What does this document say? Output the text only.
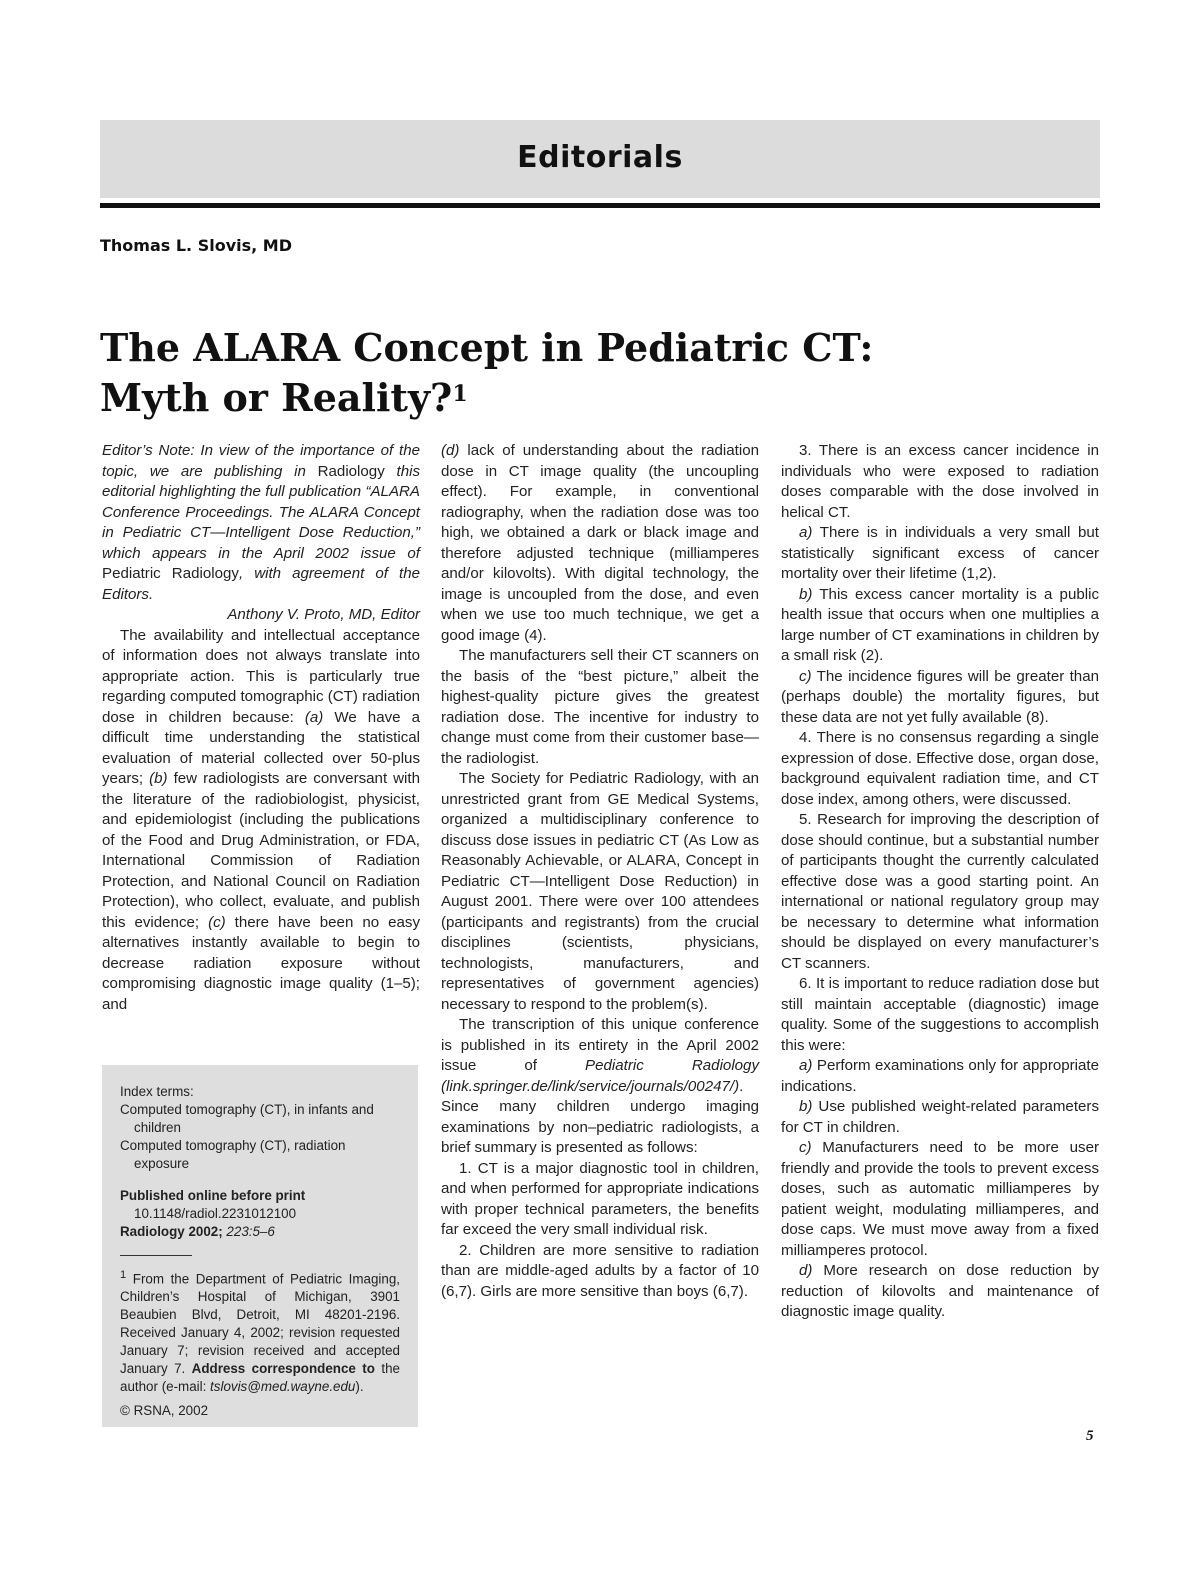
Editorials
Thomas L. Slovis, MD
The ALARA Concept in Pediatric CT:
Myth or Reality?$^1$

Editor’s Note: In view of the importance of the topic, we are publishing in Radiology this editorial highlighting the full publication “ALARA Conference Proceedings. The ALARA Concept in Pediatric CT—Intelligent Dose Reduction,” which appears in the April 2002 issue of Pediatric Radiology, with agreement of the Editors.

Anthony V. Proto, MD, Editor

The availability and intellectual acceptance of information does not always translate into appropriate action. This is particularly true regarding computed tomographic (CT) radiation dose in children because: (a) We have a difficult time understanding the statistical evaluation of material collected over 50-plus years; (b) few radiologists are conversant with the literature of the radiobiologist, physicist, and epidemiologist (including the publications of the Food and Drug Administration, or FDA, International Commission of Radiation Protection, and National Council on Radiation Protection), who collect, evaluate, and publish this evidence; (c) there have been no easy alternatives instantly available to begin to decrease radiation exposure without compromising diagnostic image quality (1–5); and

(d) lack of understanding about the radiation dose in CT image quality (the uncoupling effect). For example, in conventional radiography, when the radiation dose was too high, we obtained a dark or black image and therefore adjusted technique (milliamperes and/or kilovolts). With digital technology, the image is uncoupled from the dose, and even when we use too much technique, we get a good image (4).

The manufacturers sell their CT scanners on the basis of the “best picture,” albeit the highest-quality picture gives the greatest radiation dose. The incentive for industry to change must come from their customer base—the radiologist.

The Society for Pediatric Radiology, with an unrestricted grant from GE Medical Systems, organized a multidisciplinary conference to discuss dose issues in pediatric CT (As Low as Reasonably Achievable, or ALARA, Concept in Pediatric CT—Intelligent Dose Reduction) in August 2001. There were over 100 attendees (participants and registrants) from the crucial disciplines (scientists, physicians, technologists, manufacturers, and representatives of government agencies) necessary to respond to the problem(s).

The transcription of this unique conference is published in its entirety in the April 2002 issue of Pediatric Radiology (link.springer.de/link/service/journals/00247/). Since many children undergo imaging examinations by non–pediatric radiologists, a brief summary is presented as follows:

1. CT is a major diagnostic tool in children, and when performed for appropriate indications with proper technical parameters, the benefits far exceed the very small individual risk.

2. Children are more sensitive to radiation than are middle-aged adults by a factor of 10 (6,7). Girls are more sensitive than boys (6,7).

3. There is an excess cancer incidence in individuals who were exposed to radiation doses comparable with the dose involved in helical CT.

a) There is in individuals a very small but statistically significant excess of cancer mortality over their lifetime (1,2).

b) This excess cancer mortality is a public health issue that occurs when one multiplies a large number of CT examinations in children by a small risk (2).

c) The incidence figures will be greater than (perhaps double) the mortality figures, but these data are not yet fully available (8).

4. There is no consensus regarding a single expression of dose. Effective dose, organ dose, background equivalent radiation time, and CT dose index, among others, were discussed.

5. Research for improving the description of dose should continue, but a substantial number of participants thought the currently calculated effective dose was a good starting point. An international or national regulatory group may be necessary to determine what information should be displayed on every manufacturer’s CT scanners.

6. It is important to reduce radiation dose but still maintain acceptable (diagnostic) image quality. Some of the suggestions to accomplish this were:

a) Perform examinations only for appropriate indications.

b) Use published weight-related parameters for CT in children.

c) Manufacturers need to be more user friendly and provide the tools to prevent excess doses, such as automatic milliamperes by patient weight, modulating milliamperes, and dose caps. We must move away from a fixed milliamperes protocol.

d) More research on dose reduction by reduction of kilovolts and maintenance of diagnostic image quality.

Index terms:

Computed tomography (CT), in infants and children

Computed tomography (CT), radiation exposure

Published online before print

10.1148/radiol.2231012100

Radiology 2002; 223:5–6

$^1$ From the Department of Pediatric Imaging, Children’s Hospital of Michigan, 3901 Beaubien Blvd, Detroit, MI 48201-2196. Received January 4, 2002; revision requested January 7; revision received and accepted January 7. Address correspondence to the author (e-mail: tslovis@med.wayne.edu).

© RSNA, 2002

5
